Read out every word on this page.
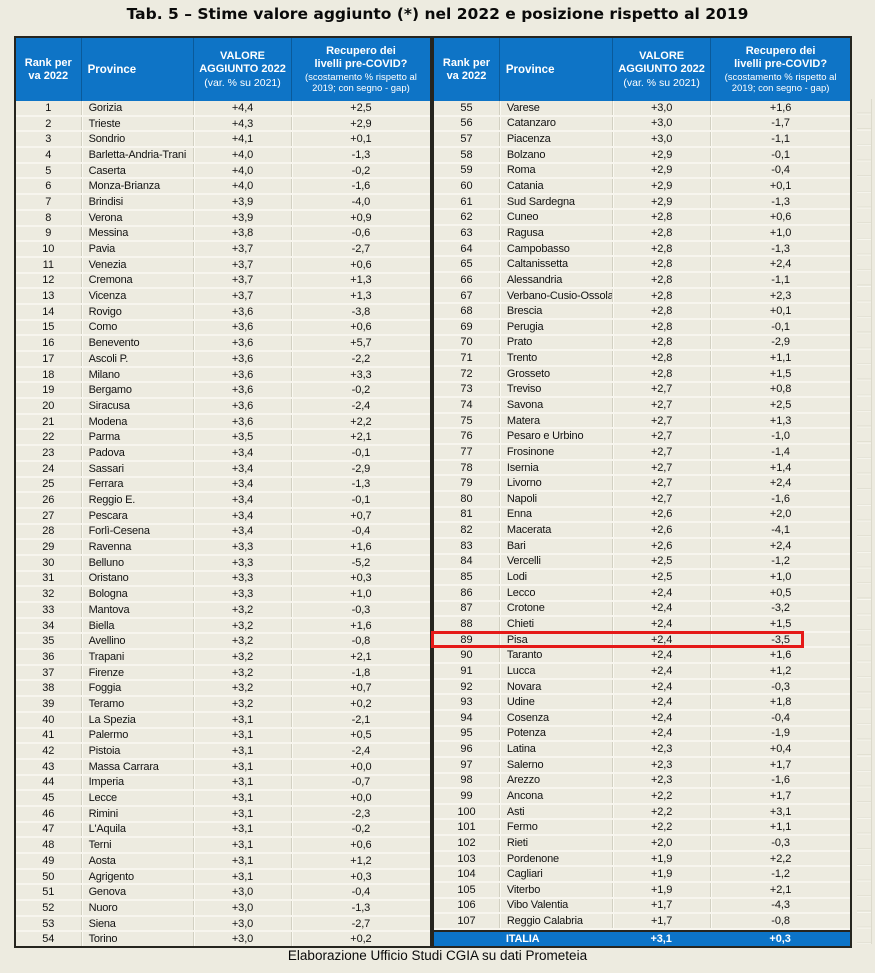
Tab. 5 – Stime valore aggiunto (*) nel 2022 e posizione rispetto al 2019
Rank per
va 2022	Province
VALORE
AGGIUNTO 2022
(var. % su 2021)
Recupero dei
livelli pre-COVID?
(scostamento % rispetto al 2019; con segno - gap)
1	Gorizia	+4,4	+2,5
2	Trieste	+4,3	+2,9
3	Sondrio	+4,1	+0,1
4	Barletta-Andria-Trani	+4,0	-1,3
5	Caserta	+4,0	-0,2
6	Monza-Brianza	+4,0	-1,6
7	Brindisi	+3,9	-4,0
8	Verona	+3,9	+0,9
9	Messina	+3,8	-0,6
10	Pavia	+3,7	-2,7
11	Venezia	+3,7	+0,6
12	Cremona	+3,7	+1,3
13	Vicenza	+3,7	+1,3
14	Rovigo	+3,6	-3,8
15	Como	+3,6	+0,6
16	Benevento	+3,6	+5,7
17	Ascoli P.	+3,6	-2,2
18	Milano	+3,6	+3,3
19	Bergamo	+3,6	-0,2
20	Siracusa	+3,6	-2,4
21	Modena	+3,6	+2,2
22	Parma	+3,5	+2,1
23	Padova	+3,4	-0,1
24	Sassari	+3,4	-2,9
25	Ferrara	+3,4	-1,3
26	Reggio E.	+3,4	-0,1
27	Pescara	+3,4	+0,7
28	Forlì-Cesena	+3,4	-0,4
29	Ravenna	+3,3	+1,6
30	Belluno	+3,3	-5,2
31	Oristano	+3,3	+0,3
32	Bologna	+3,3	+1,0
33	Mantova	+3,2	-0,3
34	Biella	+3,2	+1,6
35	Avellino	+3,2	-0,8
36	Trapani	+3,2	+2,1
37	Firenze	+3,2	-1,8
38	Foggia	+3,2	+0,7
39	Teramo	+3,2	+0,2
40	La Spezia	+3,1	-2,1
41	Palermo	+3,1	+0,5
42	Pistoia	+3,1	-2,4
43	Massa Carrara	+3,1	+0,0
44	Imperia	+3,1	-0,7
45	Lecce	+3,1	+0,0
46	Rimini	+3,1	-2,3
47	L'Aquila	+3,1	-0,2
48	Terni	+3,1	+0,6
49	Aosta	+3,1	+1,2
50	Agrigento	+3,1	+0,3
51	Genova	+3,0	-0,4
52	Nuoro	+3,0	-1,3
53	Siena	+3,0	-2,7
54	Torino	+3,0	+0,2
Rank per
va 2022	Province
VALORE
AGGIUNTO 2022
(var. % su 2021)
Recupero dei
livelli pre-COVID?
(scostamento % rispetto al 2019; con segno - gap)
55	Varese	+3,0	+1,6
56	Catanzaro	+3,0	-1,7
57	Piacenza	+3,0	-1,1
58	Bolzano	+2,9	-0,1
59	Roma	+2,9	-0,4
60	Catania	+2,9	+0,1
61	Sud Sardegna	+2,9	-1,3
62	Cuneo	+2,8	+0,6
63	Ragusa	+2,8	+1,0
64	Campobasso	+2,8	-1,3
65	Caltanissetta	+2,8	+2,4
66	Alessandria	+2,8	-1,1
67	Verbano-Cusio-Ossola	+2,8	+2,3
68	Brescia	+2,8	+0,1
69	Perugia	+2,8	-0,1
70	Prato	+2,8	-2,9
71	Trento	+2,8	+1,1
72	Grosseto	+2,8	+1,5
73	Treviso	+2,7	+0,8
74	Savona	+2,7	+2,5
75	Matera	+2,7	+1,3
76	Pesaro e Urbino	+2,7	-1,0
77	Frosinone	+2,7	-1,4
78	Isernia	+2,7	+1,4
79	Livorno	+2,7	+2,4
80	Napoli	+2,7	-1,6
81	Enna	+2,6	+2,0
82	Macerata	+2,6	-4,1
83	Bari	+2,6	+2,4
84	Vercelli	+2,5	-1,2
85	Lodi	+2,5	+1,0
86	Lecco	+2,4	+0,5
87	Crotone	+2,4	-3,2
88	Chieti	+2,4	+1,5
89	Pisa	+2,4	-3,5
90	Taranto	+2,4	+1,6
91	Lucca	+2,4	+1,2
92	Novara	+2,4	-0,3
93	Udine	+2,4	+1,8
94	Cosenza	+2,4	-0,4
95	Potenza	+2,4	-1,9
96	Latina	+2,3	+0,4
97	Salerno	+2,3	+1,7
98	Arezzo	+2,3	-1,6
99	Ancona	+2,2	+1,7
100	Asti	+2,2	+3,1
101	Fermo	+2,2	+1,1
102	Rieti	+2,0	-0,3
103	Pordenone	+1,9	+2,2
104	Cagliari	+1,9	-1,2
105	Viterbo	+1,9	+2,1
106	Vibo Valentia	+1,7	-4,3
107	Reggio Calabria	+1,7	-0,8
ITALIA	+3,1	+0,3
Elaborazione Ufficio Studi CGIA su dati Prometeia
